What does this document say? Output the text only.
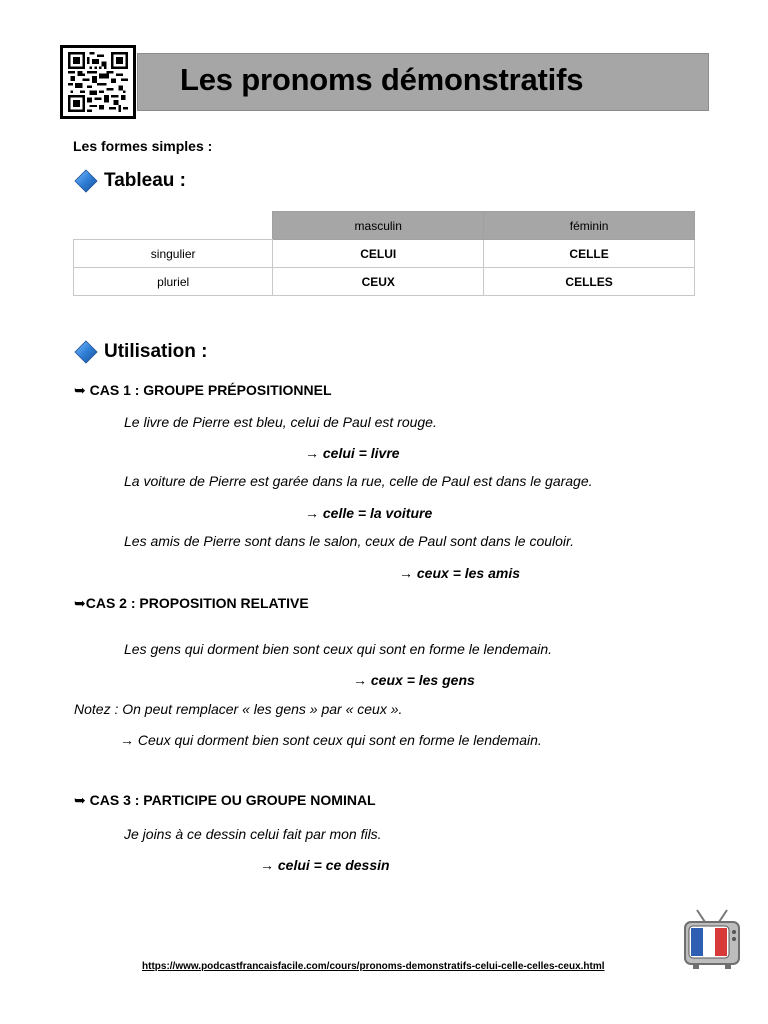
Les pronoms démonstratifs
Les formes simples :
Tableau :
	masculin	féminin
singulier	CELUI	CELLE
pluriel	CEUX	CELLES
Utilisation :
➥ CAS 1 : GROUPE PRÉPOSITIONNEL
Le livre de Pierre est bleu, celui de Paul est rouge.
→ celui = livre
La voiture de Pierre est garée dans la rue, celle de Paul est dans le garage.
→ celle = la voiture
Les amis de Pierre sont dans le salon, ceux de Paul sont dans le couloir.
→ ceux = les amis
➥CAS 2 : PROPOSITION RELATIVE
Les gens qui dorment bien sont ceux qui sont en forme le lendemain.
→ ceux = les gens
Notez : On peut remplacer « les gens » par « ceux ».
→ Ceux qui dorment bien sont ceux qui sont en forme le lendemain.
➥ CAS 3 : PARTICIPE OU GROUPE NOMINAL
Je joins à ce dessin celui fait par mon fils.
→ celui = ce dessin
https://www.podcastfrancaisfacile.com/cours/pronoms-demonstratifs-celui-celle-celles-ceux.html
